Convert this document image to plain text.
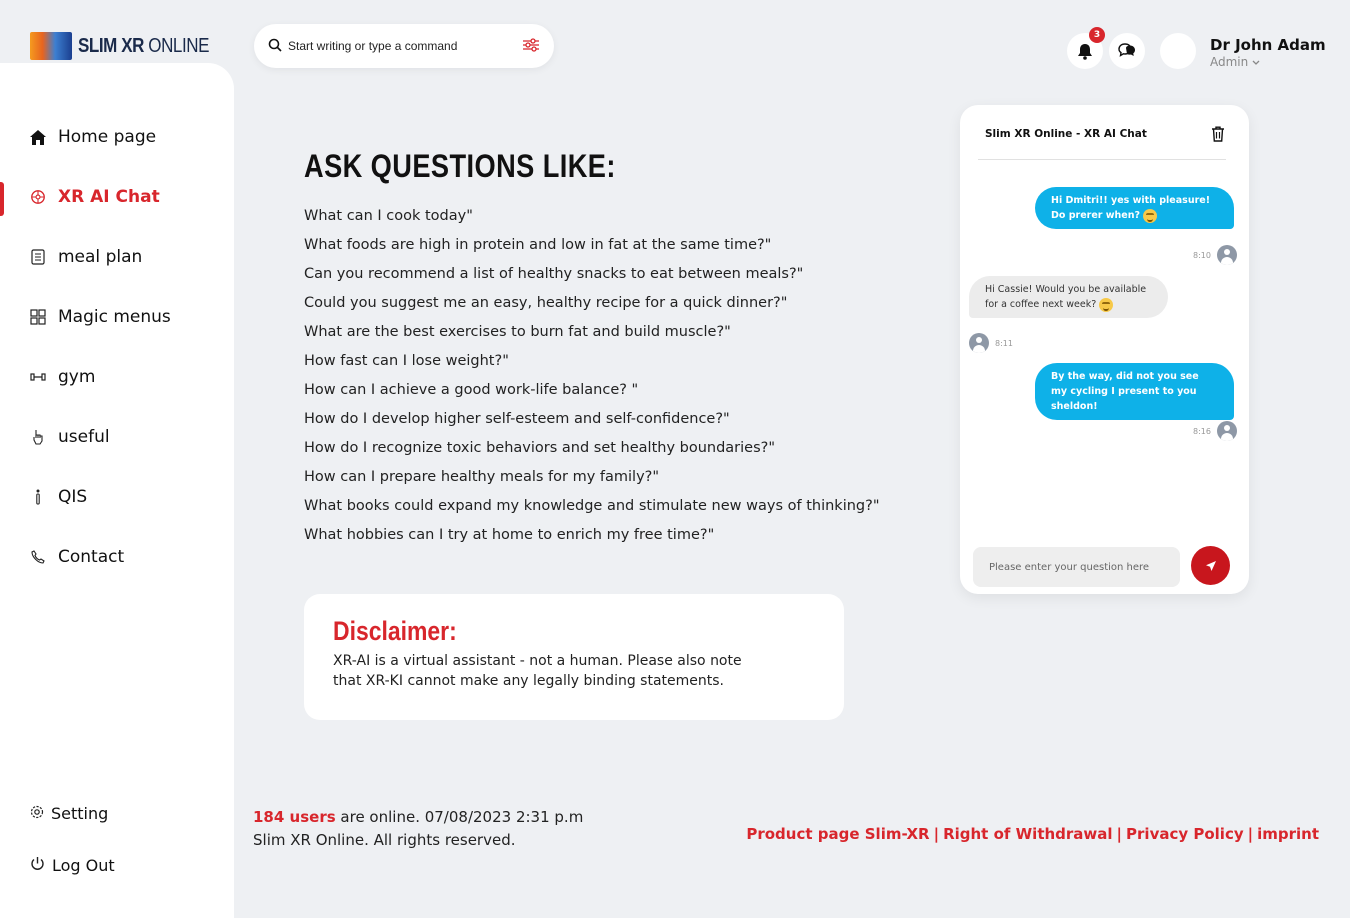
SLIM XR ONLINE
Home page
XR AI Chat
meal plan
Magic menus
gym
useful
QIS
Contact
Setting
Log Out
Start writing or type a command
3
Dr John Adam
Admin
ASK QUESTIONS LIKE:
What can I cook today"
What foods are high in protein and low in fat at the same time?"
Can you recommend a list of healthy snacks to eat between meals?"
Could you suggest me an easy, healthy recipe for a quick dinner?"
What are the best exercises to burn fat and build muscle?"
How fast can I lose weight?"
How can I achieve a good work-life balance? "
How do I develop higher self-esteem and self-confidence?"
How do I recognize toxic behaviors and set healthy boundaries?"
How can I prepare healthy meals for my family?"
What books could expand my knowledge and stimulate new ways of thinking?"
What hobbies can I try at home to enrich my free time?"
Disclaimer:

XR-AI is a virtual assistant - not a human. Please also note that XR-KI cannot make any legally binding statements.

Slim XR Online - XR AI Chat
Hi Dmitri!! yes with pleasure! Do prerer when?
8:10
Hi Cassie! Would you be available for a coffee next week?
8:11
By the way, did not you see my cycling I present to you sheldon!
8:16
Please enter your question here
184 users are online. 07/08/2023 2:31 p.m
Slim XR Online. All rights reserved.	Product page Slim-XR | Right of Withdrawal | Privacy Policy | imprint
